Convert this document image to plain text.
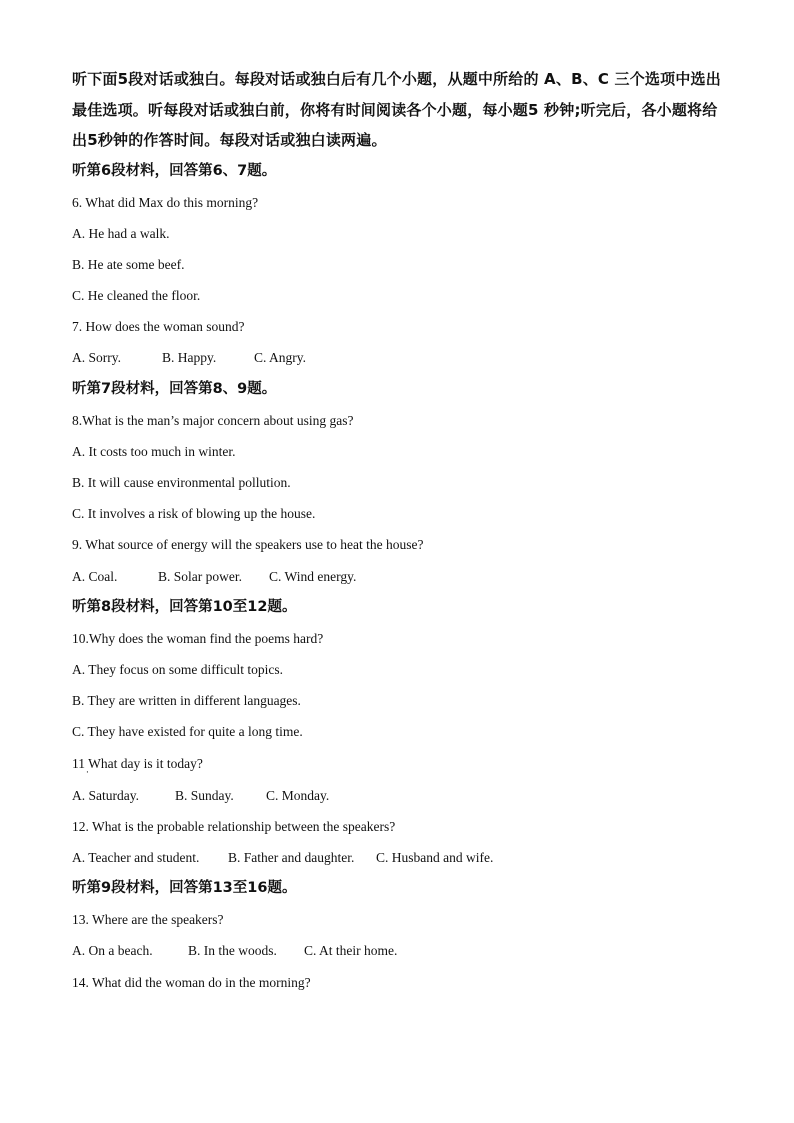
听下面5段对话或独白。每段对话或独白后有几个小题，从题中所给的 A、B、C 三个选项中选出最佳选项。听每段对话或独白前，你将有时间阅读各个小题，每小题5 秒钟;听完后，各小题将给出5秒钟的作答时间。每段对话或独白读两遍。

听第6段材料，回答第6、7题。

6. What did Max do this morning?

A. He had a walk.

B. He ate some beef.

C. He cleaned the floor.

7. How does the woman sound?

A. Sorry.	B. Happy.	C. Angry.

听第7段材料，回答第8、9题。

8.What is the man’s major concern about using gas?

A. It costs too much in winter.

B. It will cause environmental pollution.

C. It involves a risk of blowing up the house.

9. What source of energy will the speakers use to heat the house?

A. Coal.	B. Solar power.	C. Wind energy.

听第8段材料，回答第10至12题。

10.Why does the woman find the poems hard?

A. They focus on some difficult topics.

B. They are written in different languages.

C. They have existed for quite a long time.

11 What day is it today?

·

A. Saturday.	B. Sunday.	C. Monday.

12. What is the probable relationship between the speakers?

A. Teacher and student.	B. Father and daughter.	C. Husband and wife.

听第9段材料，回答第13至16题。

13. Where are the speakers?

A. On a beach.	B. In the woods.	C. At their home.

14. What did the woman do in the morning?
